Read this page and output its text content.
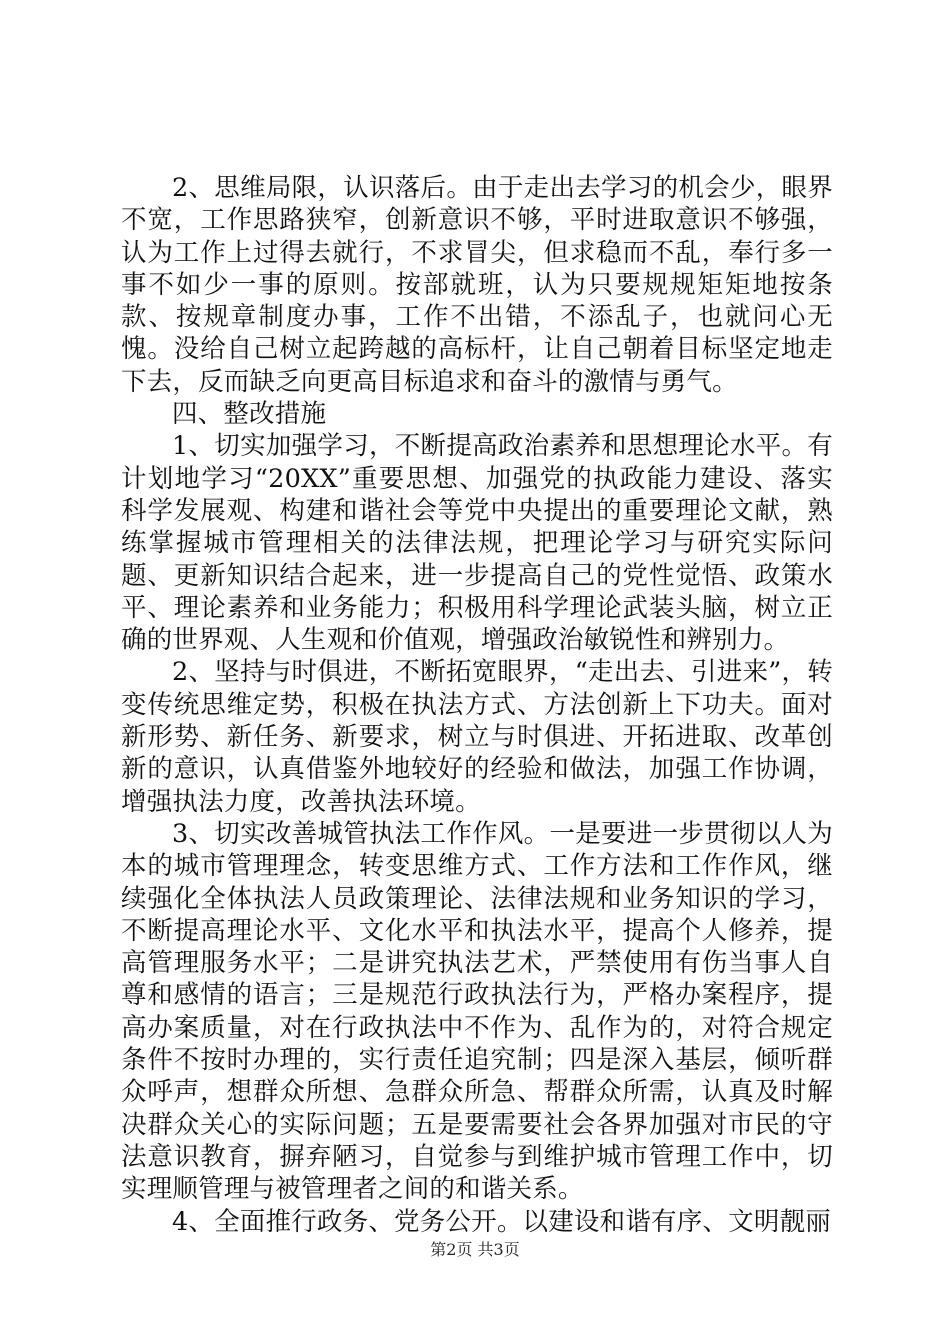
2、思维局限，认识落后。由于走出去学习的机会少，眼界不宽，工作思路狭窄，创新意识不够，平时进取意识不够强，认为工作上过得去就行，不求冒尖，但求稳而不乱，奉行多一事不如少一事的原则。按部就班，认为只要规规矩矩地按条款、按规章制度办事，工作不出错，不添乱子，也就问心无愧。没给自己树立起跨越的高标杆，让自己朝着目标坚定地走下去，反而缺乏向更高目标追求和奋斗的激情与勇气。

四、整改措施

1、切实加强学习，不断提高政治素养和思想理论水平。有计划地学习“20XX”重要思想、加强党的执政能力建设、落实科学发展观、构建和谐社会等党中央提出的重要理论文献，熟练掌握城市管理相关的法律法规，把理论学习与研究实际问题、更新知识结合起来，进一步提高自己的党性觉悟、政策水平、理论素养和业务能力；积极用科学理论武装头脑，树立正确的世界观、人生观和价值观，增强政治敏锐性和辨别力。

2、坚持与时俱进，不断拓宽眼界，“走出去、引进来”，转变传统思维定势，积极在执法方式、方法创新上下功夫。面对新形势、新任务、新要求，树立与时俱进、开拓进取、改革创新的意识，认真借鉴外地较好的经验和做法，加强工作协调，增强执法力度，改善执法环境。

3、切实改善城管执法工作作风。一是要进一步贯彻以人为本的城市管理理念，转变思维方式、工作方法和工作作风，继续强化全体执法人员政策理论、法律法规和业务知识的学习，不断提高理论水平、文化水平和执法水平，提高个人修养，提高管理服务水平；二是讲究执法艺术，严禁使用有伤当事人自尊和感情的语言；三是规范行政执法行为，严格办案程序，提高办案质量，对在行政执法中不作为、乱作为的，对符合规定条件不按时办理的，实行责任追究制；四是深入基层，倾听群众呼声，想群众所想、急群众所急、帮群众所需，认真及时解决群众关心的实际问题；五是要需要社会各界加强对市民的守法意识教育，摒弃陋习，自觉参与到维护城市管理工作中，切实理顺管理与被管理者之间的和谐关系。

4、全面推行政务、党务公开。以建设和谐有序、文明靓丽

第2页 共3页
